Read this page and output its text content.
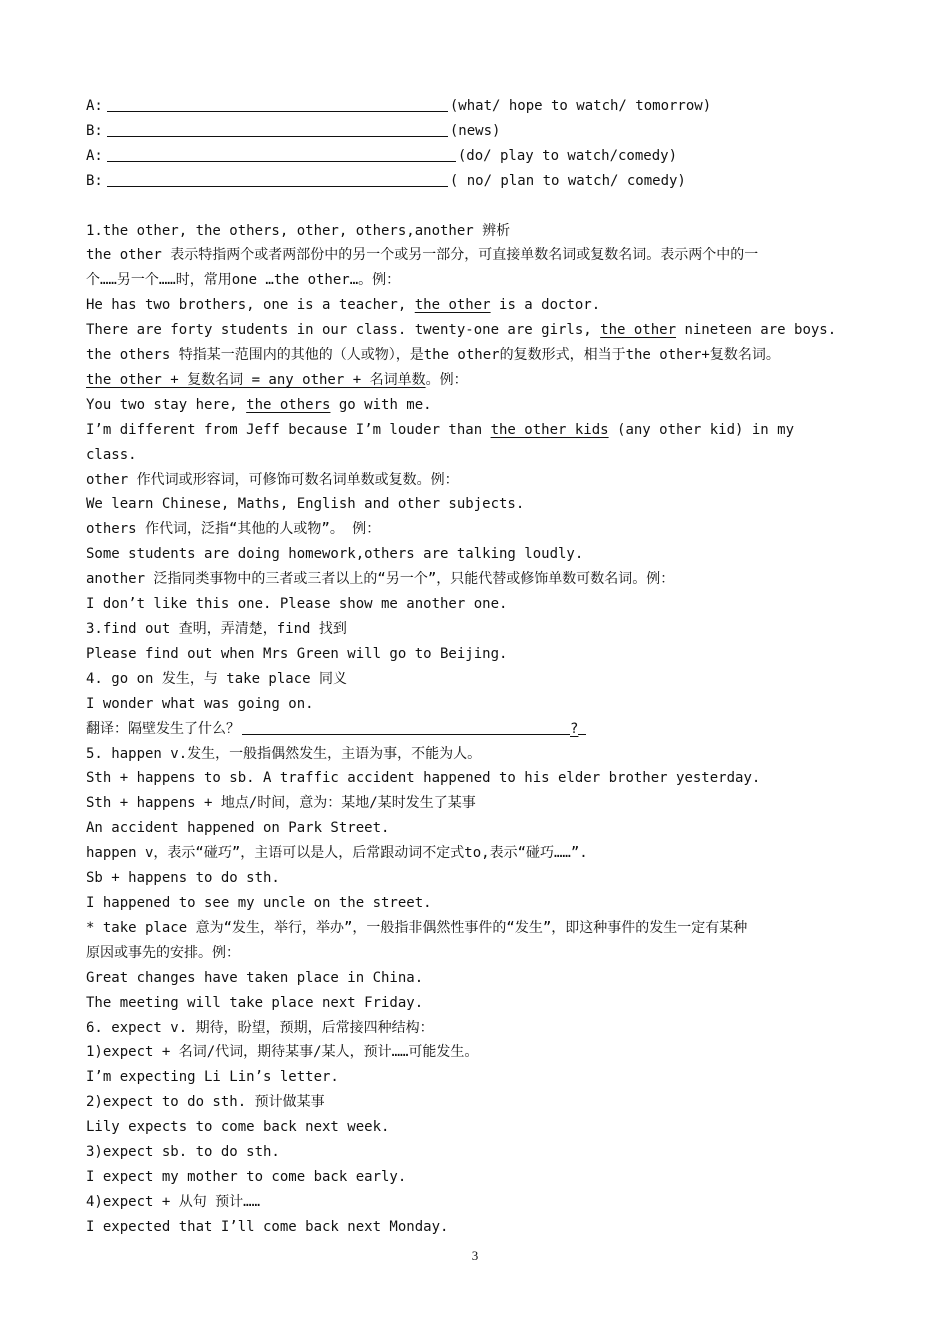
A:	(what/ hope to watch/ tomorrow)
B:	(news)
A:	(do/ play to watch/comedy)
B:	( no/ plan to watch/ comedy)
1.the other, the others, other, others,another 辨析
the other 表示特指两个或者两部份中的另一个或另一部分，可直接单数名词或复数名词。表示两个中的一
个……另一个……时，常用one …the other…。例：
He has two brothers, one is a teacher, the other is a doctor.
There are forty students in our class. twenty-one are girls, the other nineteen are boys.
the others 特指某一范围内的其他的（人或物），是the other的复数形式，相当于the other+复数名词。
the other + 复数名词 = any other + 名词单数。例：
You two stay here, the others go with me.
I’m different from Jeff because I’m louder than the other kids (any other kid) in my
class.
other 作代词或形容词，可修饰可数名词单数或复数。例：
We learn Chinese, Maths, English and other subjects.
others 作代词，泛指“其他的人或物”。 例：
Some students are doing homework,others are talking loudly.
another 泛指同类事物中的三者或三者以上的“另一个”，只能代替或修饰单数可数名词。例：
I don’t like this one. Please show me another one.
3.find out 查明，弄清楚，find 找到
Please find out when Mrs Green will go to Beijing.
4. go on 发生，与 take place 同义
I wonder what was going on.
翻译：隔壁发生了什么？	?
5. happen v.发生，一般指偶然发生，主语为事，不能为人。
Sth + happens to sb. A traffic accident happened to his elder brother yesterday.
Sth + happens + 地点/时间，意为：某地/某时发生了某事
An accident happened on Park Street.
happen v，表示“碰巧”，主语可以是人，后常跟动词不定式to,表示“碰巧……”.
Sb + happens to do sth.
I happened to see my uncle on the street.
* take place 意为“发生，举行，举办”，一般指非偶然性事件的“发生”，即这种事件的发生一定有某种
原因或事先的安排。例：
Great changes have taken place in China.
The meeting will take place next Friday.
6. expect v. 期待，盼望，预期，后常接四种结构：
1)expect + 名词/代词，期待某事/某人，预计……可能发生。
I’m expecting Li Lin’s letter.
2)expect to do sth. 预计做某事
Lily expects to come back next week.
3)expect sb. to do sth.
I expect my mother to come back early.
4)expect + 从句 预计……
I expected that I’ll come back next Monday.
3
